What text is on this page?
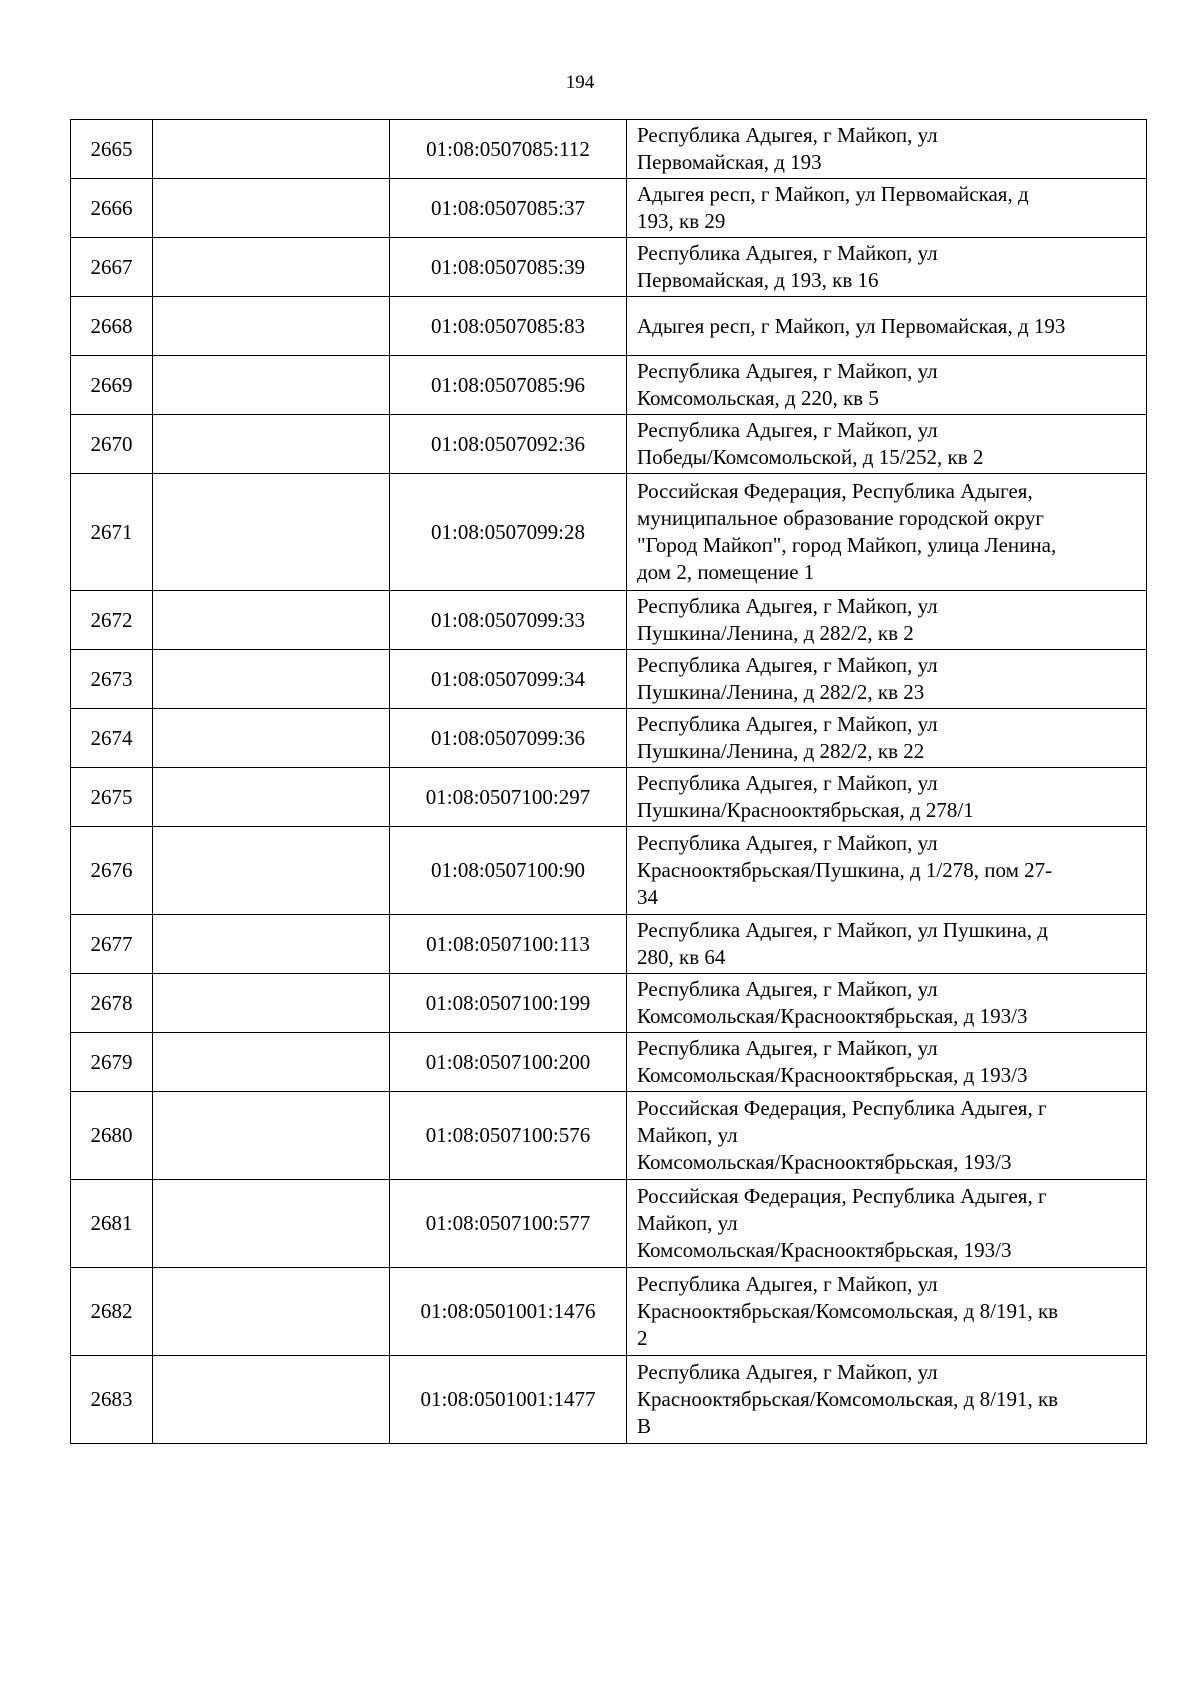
194
2665		01:08:0507085:112	Республика Адыгея, г Майкоп, ул
Первомайская, д 193

2666		01:08:0507085:37	Адыгея респ, г Майкоп, ул Первомайская, д
193, кв 29

2667		01:08:0507085:39	Республика Адыгея, г Майкоп, ул
Первомайская, д 193, кв 16

2668		01:08:0507085:83	Адыгея респ, г Майкоп, ул Первомайская, д 193

2669		01:08:0507085:96	Республика Адыгея, г Майкоп, ул
Комсомольская, д 220, кв 5

2670		01:08:0507092:36	Республика Адыгея, г Майкоп, ул
Победы/Комсомольской, д 15/252, кв 2

2671		01:08:0507099:28	Российская Федерация, Республика Адыгея,
муниципальное образование городской округ
"Город Майкоп", город Майкоп, улица Ленина,
дом 2, помещение 1

2672		01:08:0507099:33	Республика Адыгея, г Майкоп, ул
Пушкина/Ленина, д 282/2, кв 2

2673		01:08:0507099:34	Республика Адыгея, г Майкоп, ул
Пушкина/Ленина, д 282/2, кв 23

2674		01:08:0507099:36	Республика Адыгея, г Майкоп, ул
Пушкина/Ленина, д 282/2, кв 22

2675		01:08:0507100:297	Республика Адыгея, г Майкоп, ул
Пушкина/Краснооктябрьская, д 278/1

2676		01:08:0507100:90	Республика Адыгея, г Майкоп, ул
Краснооктябрьская/Пушкина, д 1/278, пом 27-
34

2677		01:08:0507100:113	Республика Адыгея, г Майкоп, ул Пушкина, д
280, кв 64

2678		01:08:0507100:199	Республика Адыгея, г Майкоп, ул
Комсомольская/Краснооктябрьская, д 193/3

2679		01:08:0507100:200	Республика Адыгея, г Майкоп, ул
Комсомольская/Краснооктябрьская, д 193/3

2680		01:08:0507100:576	Российская Федерация, Республика Адыгея, г
Майкоп, ул
Комсомольская/Краснооктябрьская, 193/3

2681		01:08:0507100:577	Российская Федерация, Республика Адыгея, г
Майкоп, ул
Комсомольская/Краснооктябрьская, 193/3

2682		01:08:0501001:1476	Республика Адыгея, г Майкоп, ул
Краснооктябрьская/Комсомольская, д 8/191, кв
2

2683		01:08:0501001:1477	Республика Адыгея, г Майкоп, ул
Краснооктябрьская/Комсомольская, д 8/191, кв
В
